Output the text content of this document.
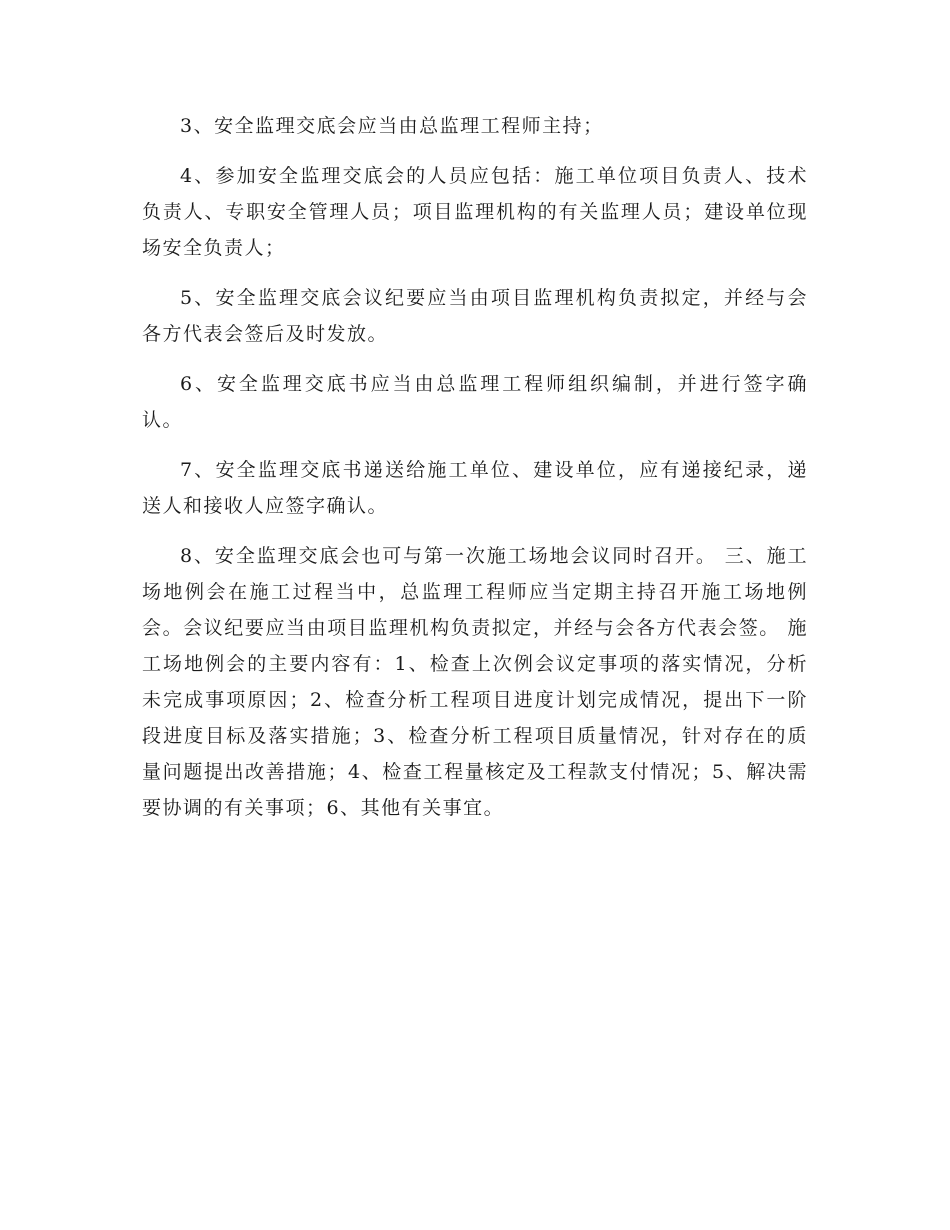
3、安全监理交底会应当由总监理工程师主持；

4、参加安全监理交底会的人员应包括：施工单位项目负责人、技术负责人、专职安全管理人员；项目监理机构的有关监理人员；建设单位现场安全负责人；

5、安全监理交底会议纪要应当由项目监理机构负责拟定，并经与会各方代表会签后及时发放。

6、安全监理交底书应当由总监理工程师组织编制，并进行签字确认。

7、安全监理交底书递送给施工单位、建设单位，应有递接纪录，递送人和接收人应签字确认。

8、安全监理交底会也可与第一次施工场地会议同时召开。 三、施工场地例会在施工过程当中，总监理工程师应当定期主持召开施工场地例会。会议纪要应当由项目监理机构负责拟定，并经与会各方代表会签。 施工场地例会的主要内容有：1、检查上次例会议定事项的落实情况，分析未完成事项原因；2、检查分析工程项目进度计划完成情况，提出下一阶段进度目标及落实措施；3、检查分析工程项目质量情况，针对存在的质量问题提出改善措施；4、检查工程量核定及工程款支付情况；5、解决需要协调的有关事项；6、其他有关事宜。
